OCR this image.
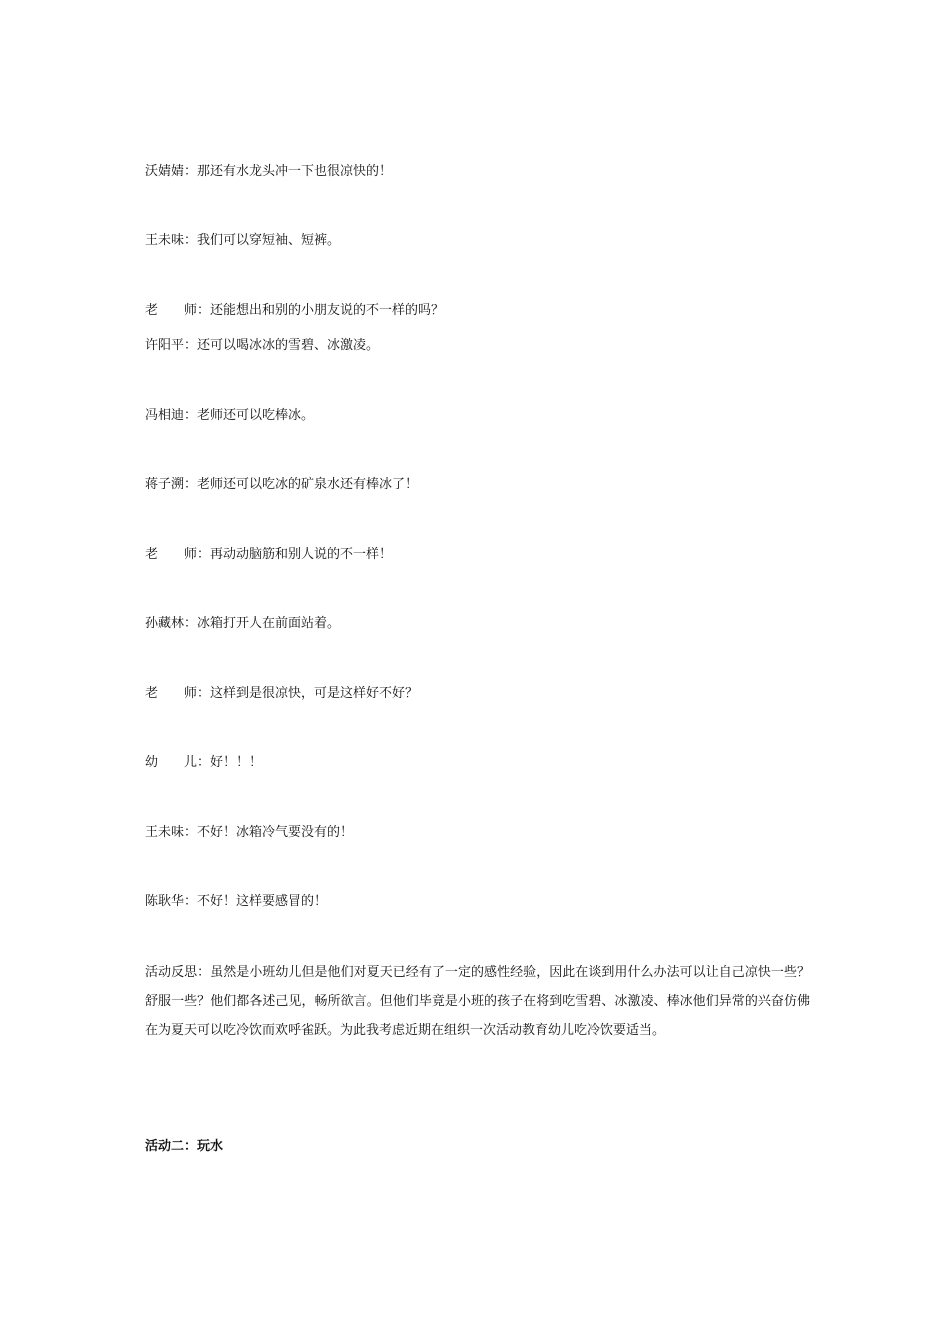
沃婧婧：那还有水龙头冲一下也很凉快的！
王未味：我们可以穿短袖、短裤。
老　　师：还能想出和别的小朋友说的不一样的吗？
许阳平：还可以喝冰冰的雪碧、冰激凌。
冯相迪：老师还可以吃棒冰。
蒋子溯：老师还可以吃冰的矿泉水还有棒冰了！
老　　师：再动动脑筋和别人说的不一样！
孙藏林：冰箱打开人在前面站着。
老　　师：这样到是很凉快，可是这样好不好？
幼　　儿：好！！！
王未味：不好！冰箱冷气要没有的！
陈耿华：不好！这样要感冒的！
活动反思：虽然是小班幼儿但是他们对夏天已经有了一定的感性经验，因此在谈到用什么办法可以让自己凉快一些？舒服一些？他们都各述己见，畅所欲言。但他们毕竟是小班的孩子在将到吃雪碧、冰激凌、棒冰他们异常的兴奋仿佛在为夏天可以吃冷饮而欢呼雀跃。为此我考虑近期在组织一次活动教育幼儿吃冷饮要适当。
活动二：玩水
